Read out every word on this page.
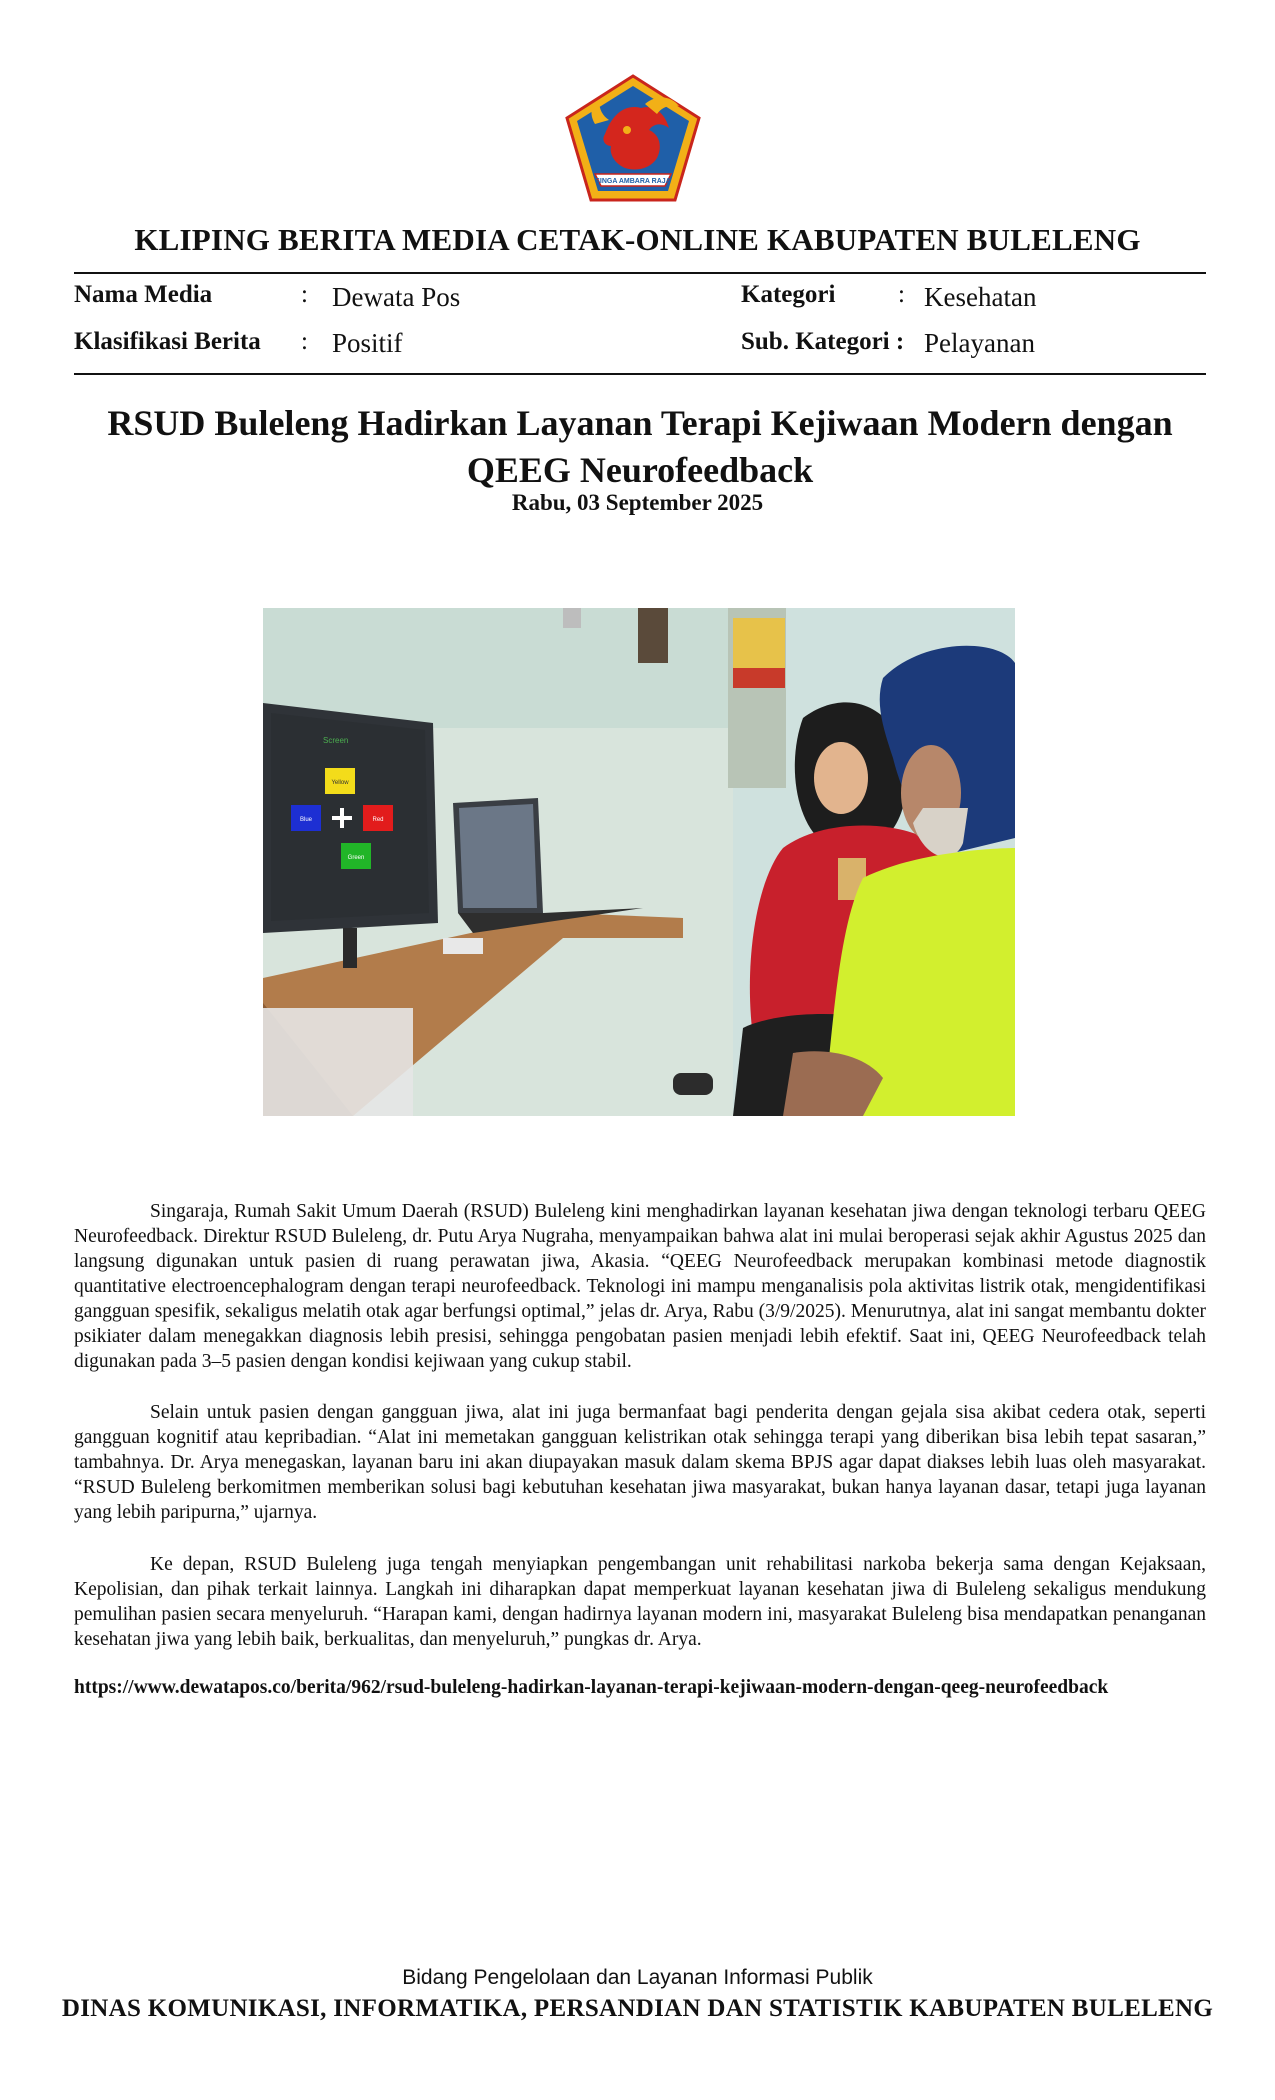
SINGA AMBARA RAJA
KLIPING BERITA MEDIA CETAK-ONLINE KABUPATEN BULELENG
Nama Media	: Dewata Pos
Klasifikasi Berita : Positif
Kategori	: Kesehatan
Sub. Kategori : Pelayanan
RSUD Buleleng Hadirkan Layanan Terapi Kejiwaan Modern dengan QEEG Neurofeedback
Rabu, 03 September 2025
Screen
Yellow
Blue	Red
Green

Singaraja, Rumah Sakit Umum Daerah (RSUD) Buleleng kini menghadirkan layanan kesehatan jiwa dengan teknologi terbaru QEEG Neurofeedback. Direktur RSUD Buleleng, dr. Putu Arya Nugraha, menyampaikan bahwa alat ini mulai beroperasi sejak akhir Agustus 2025 dan langsung digunakan untuk pasien di ruang perawatan jiwa, Akasia. “QEEG Neurofeedback merupakan kombinasi metode diagnostik quantitative electroencephalogram dengan terapi neurofeedback. Teknologi ini mampu menganalisis pola aktivitas listrik otak, mengidentifikasi gangguan spesifik, sekaligus melatih otak agar berfungsi optimal,” jelas dr. Arya, Rabu (3/9/2025). Menurutnya, alat ini sangat membantu dokter psikiater dalam menegakkan diagnosis lebih presisi, sehingga pengobatan pasien menjadi lebih efektif. Saat ini, QEEG Neurofeedback telah digunakan pada 3–5 pasien dengan kondisi kejiwaan yang cukup stabil.

Selain untuk pasien dengan gangguan jiwa, alat ini juga bermanfaat bagi penderita dengan gejala sisa akibat cedera otak, seperti gangguan kognitif atau kepribadian. “Alat ini memetakan gangguan kelistrikan otak sehingga terapi yang diberikan bisa lebih tepat sasaran,” tambahnya. Dr. Arya menegaskan, layanan baru ini akan diupayakan masuk dalam skema BPJS agar dapat diakses lebih luas oleh masyarakat. “RSUD Buleleng berkomitmen memberikan solusi bagi kebutuhan kesehatan jiwa masyarakat, bukan hanya layanan dasar, tetapi juga layanan yang lebih paripurna,” ujarnya.

Ke depan, RSUD Buleleng juga tengah menyiapkan pengembangan unit rehabilitasi narkoba bekerja sama dengan Kejaksaan, Kepolisian, dan pihak terkait lainnya. Langkah ini diharapkan dapat memperkuat layanan kesehatan jiwa di Buleleng sekaligus mendukung pemulihan pasien secara menyeluruh. “Harapan kami, dengan hadirnya layanan modern ini, masyarakat Buleleng bisa mendapatkan penanganan kesehatan jiwa yang lebih baik, berkualitas, dan menyeluruh,” pungkas dr. Arya.

https://www.dewatapos.co/berita/962/rsud-buleleng-hadirkan-layanan-terapi-kejiwaan-modern-dengan-qeeg-neurofeedback
Bidang Pengelolaan dan Layanan Informasi Publik
DINAS KOMUNIKASI, INFORMATIKA, PERSANDIAN DAN STATISTIK KABUPATEN BULELENG
